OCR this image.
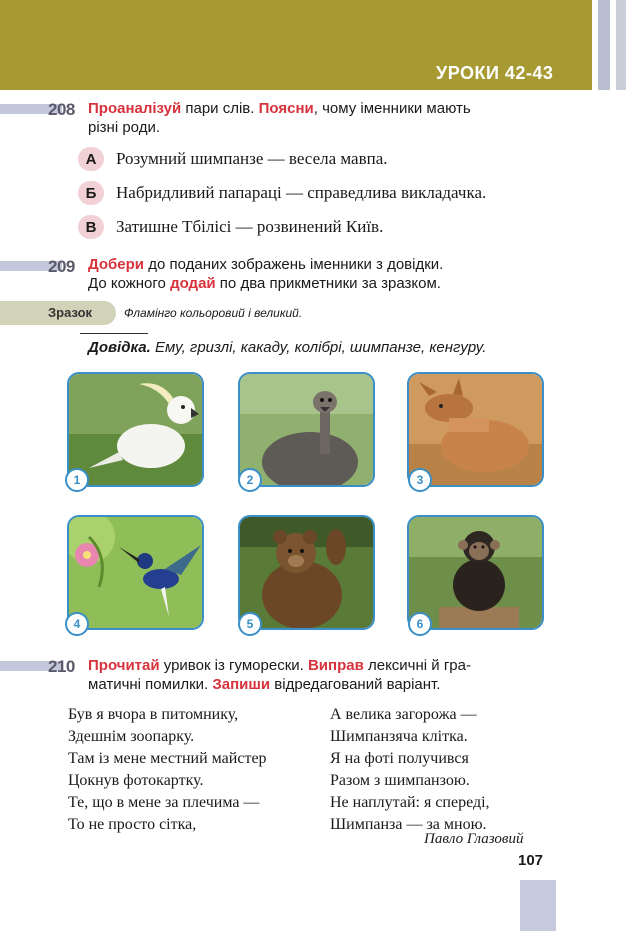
УРОКИ 42-43
208 Проаналізуй пари слів. Поясни, чому іменники мають
різні роди.
А	Розумний шимпанзе — весела мавпа.
Б	Набридливий папараці — справедлива викладачка.
В	Затишне Тбілісі — розвинений Київ.
209 Добери до поданих зображень іменники з довідки.
До кожного додай по два прикметники за зразком.
Зразок	Фламінго кольоровий і великий.
Довідка. Ему, гризлі, какаду, колібрі, шимпанзе, кенгуру.
1	2	3
4	5	6
210 Прочитай уривок із гуморески. Виправ лексичні й гра-
матичні помилки. Запиши відредагований варіант.
Був я вчора в питомнику,
Здешнім зоопарку.
Там із мене местний майстер
Цокнув фотокартку.
Те, що в мене за плечима —
То не просто сітка,
А велика загорожа —
Шимпанзяча клітка.
Я на фоті получився
Разом з шимпанзою.
Не наплутай: я спереді,
Шимпанза — за мною.
Павло Глазовий
107
